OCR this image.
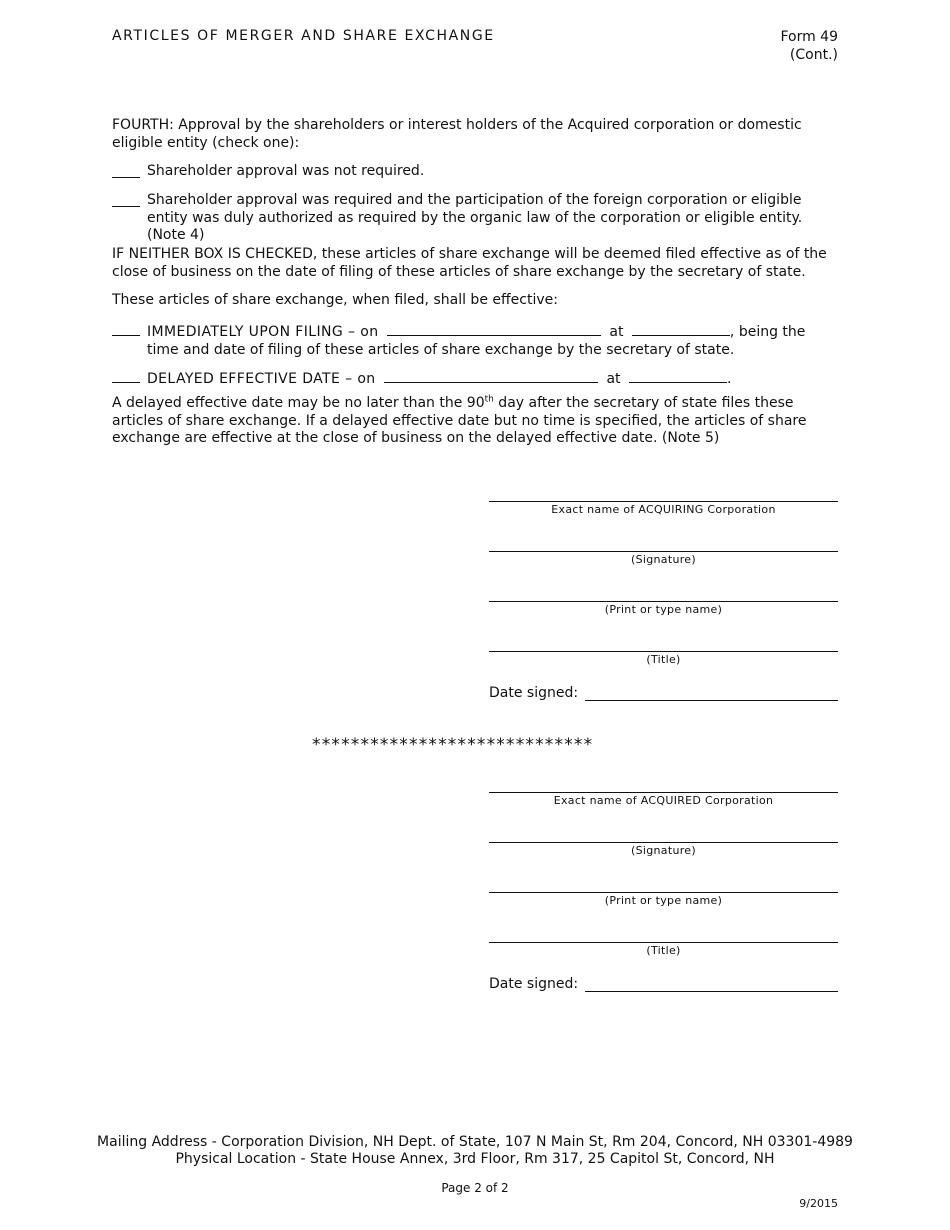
ARTICLES OF MERGER AND SHARE EXCHANGE	Form 49
(Cont.)
FOURTH: Approval by the shareholders or interest holders of the Acquired corporation or domestic eligible entity (check one):
Shareholder approval was not required.
Shareholder approval was required and the participation of the foreign corporation or eligible entity was duly authorized as required by the organic law of the corporation or eligible entity. (Note 4)
IF NEITHER BOX IS CHECKED, these articles of share exchange will be deemed filed effective as of the close of business on the date of filing of these articles of share exchange by the secretary of state.
These articles of share exchange, when filed, shall be effective:
IMMEDIATELY UPON FILING – on	at	, being the
time and date of filing of these articles of share exchange by the secretary of state.
DELAYED EFFECTIVE DATE – on	at	.
A delayed effective date may be no later than the 90th day after the secretary of state files these articles of share exchange. If a delayed effective date but no time is specified, the articles of share exchange are effective at the close of business on the delayed effective date. (Note 5)
Exact name of ACQUIRING Corporation
(Signature)
(Print or type name)
(Title)
Date signed:
*****************************
Exact name of ACQUIRED Corporation
(Signature)
(Print or type name)
(Title)
Date signed:
Mailing Address - Corporation Division, NH Dept. of State, 107 N Main St, Rm 204, Concord, NH 03301-4989
Physical Location - State House Annex, 3rd Floor, Rm 317, 25 Capitol St, Concord, NH
Page 2 of 2
9/2015
